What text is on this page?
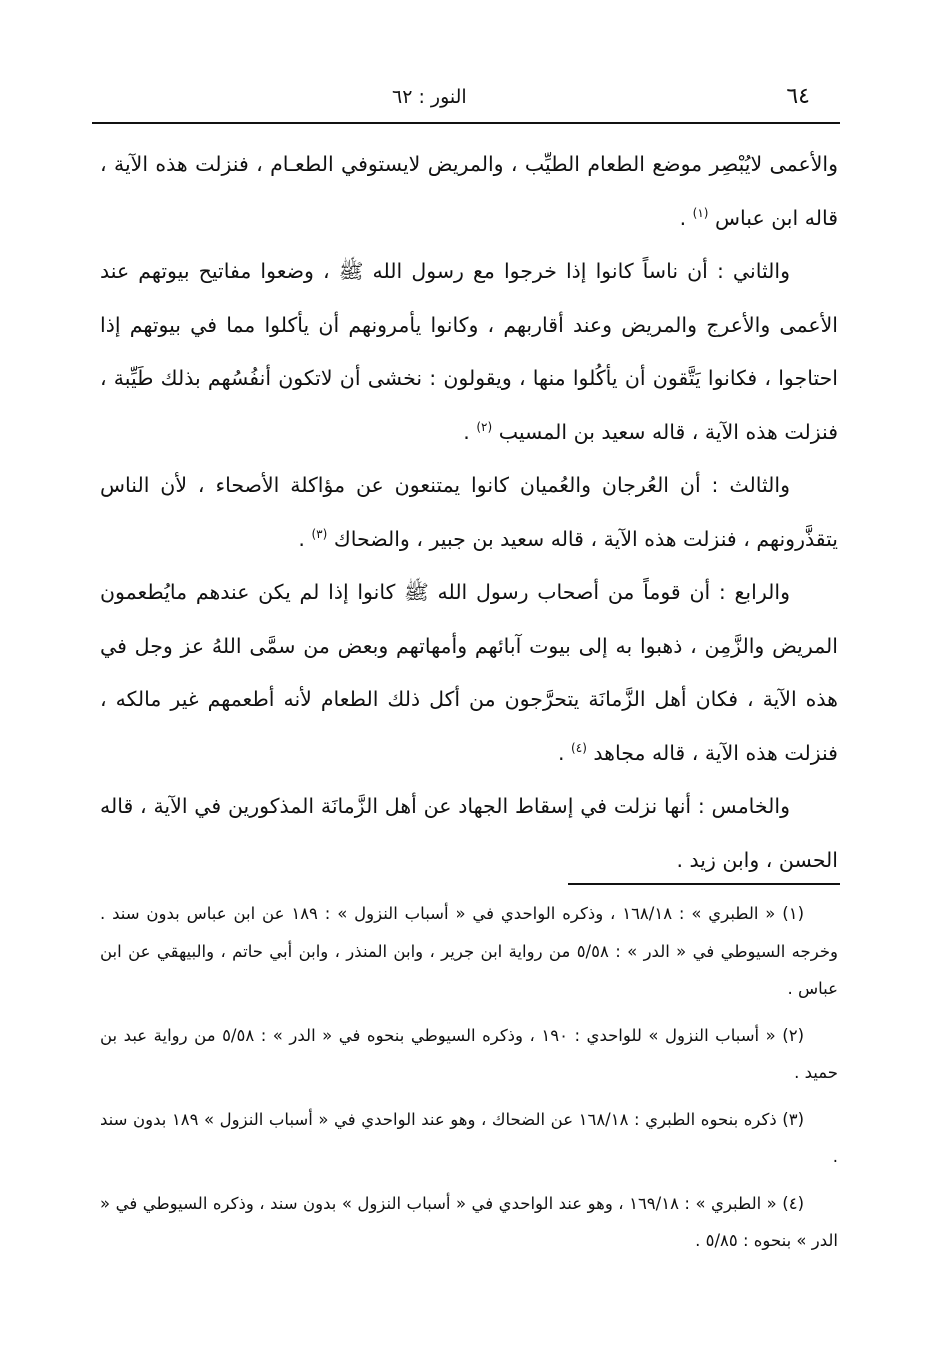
٦٤
النور : ٦٢

والأعمى لايُبْصِر موضع الطعام الطيِّب ، والمريض لايستوفي الطعـام ، فنزلت هذه الآية ، قاله ابن عباس $^{(١)}$ .

والثاني : أن ناساً كانوا إذا خرجوا مع رسول الله ﷺ ، وضعوا مفاتيح بيوتهم عند الأعمى والأعرج والمريض وعند أقاربهم ، وكانوا يأمرونهم أن يأكلوا مما في بيوتهم إذا احتاجوا ، فكانوا يَتَّقون أن يأكُلوا منها ، ويقولون : نخشى أن لاتكون أنفُسُهم بذلك طَيِّبة ، فنزلت هذه الآية ، قاله سعيد بن المسيب $^{(٢)}$ .

والثالث : أن العُرجان والعُميان كانوا يمتنعون عن مؤاكلة الأصحاء ، لأن الناس يتقذَّرونهم ، فنزلت هذه الآية ، قاله سعيد بن جبير ، والضحاك $^{(٣)}$ .

والرابع : أن قوماً من أصحاب رسول الله ﷺ كانوا إذا لم يكن عندهم مايُطعمون المريض والزَّمِن ، ذهبوا به إلى بيوت آبائهم وأمهاتهم وبعض من سمَّى اللهُ عز وجل في هذه الآية ، فكان أهل الزَّمانَة يتحرَّجون من أكل ذلك الطعام لأنه أطعمهم غير مالكه ، فنزلت هذه الآية ، قاله مجاهد $^{(٤)}$ .

والخامس : أنها نزلت في إسقاط الجهاد عن أهل الزَّمانَة المذكورين في الآية ، قاله الحسن ، وابن زيد .

(١) « الطبري » : ١٦٨/١٨ ، وذكره الواحدي في « أسباب النزول » : ١٨٩ عن ابن عباس بدون سند . وخرجه السيوطي في « الدر » : ٥/٥٨ من رواية ابن جرير ، وابن المنذر ، وابن أبي حاتم ، والبيهقي عن ابن عباس .

(٢) « أسباب النزول » للواحدي : ١٩٠ ، وذكره السيوطي بنحوه في « الدر » : ٥/٥٨ من رواية عبد بن حميد .

(٣) ذكره بنحوه الطبري : ١٦٨/١٨ عن الضحاك ، وهو عند الواحدي في « أسباب النزول » ١٨٩ بدون سند .

(٤) « الطبري » : ١٦٩/١٨ ، وهو عند الواحدي في « أسباب النزول » بدون سند ، وذكره السيوطي في « الدر » بنحوه : ٥/٨٥ .
